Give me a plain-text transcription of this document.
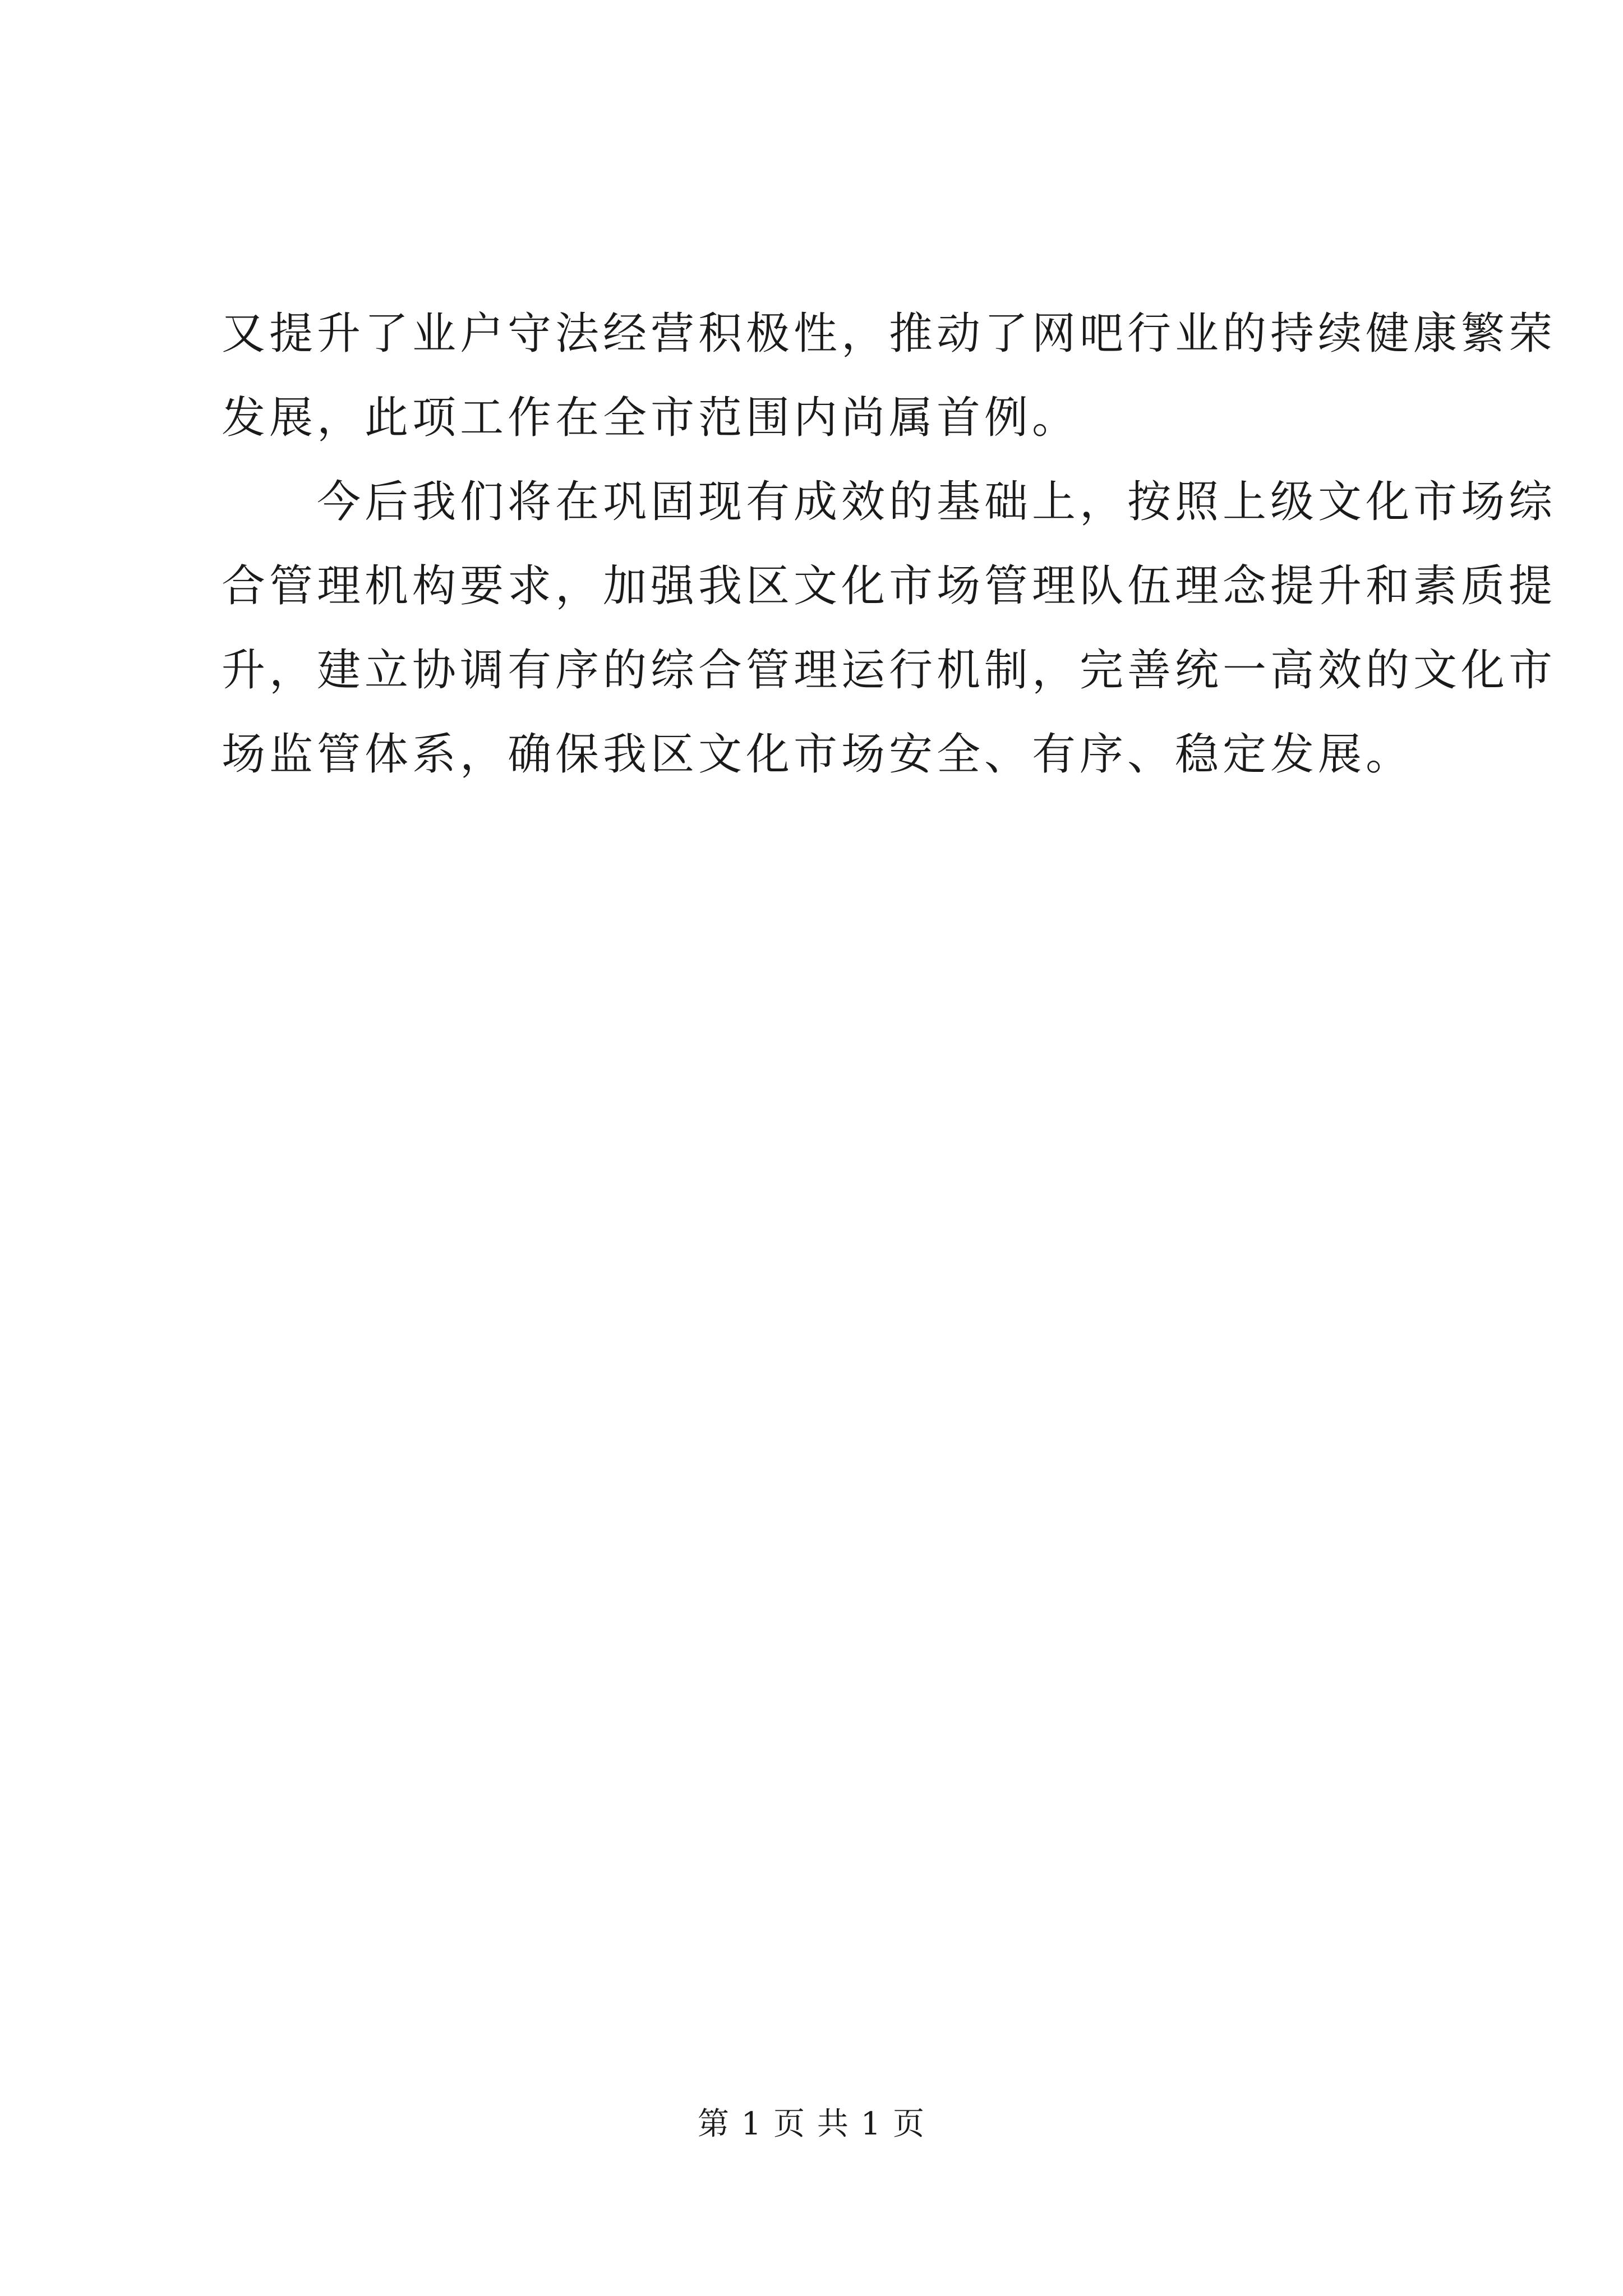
又提升了业户守法经营积极性，推动了网吧行业的持续健康繁荣
发展，此项工作在全市范围内尚属首例。

今后我们将在巩固现有成效的基础上，按照上级文化市场综
合管理机构要求，加强我区文化市场管理队伍理念提升和素质提
升，建立协调有序的综合管理运行机制，完善统一高效的文化市
场监管体系，确保我区文化市场安全、有序、稳定发展。

第 1 页 共 1 页
